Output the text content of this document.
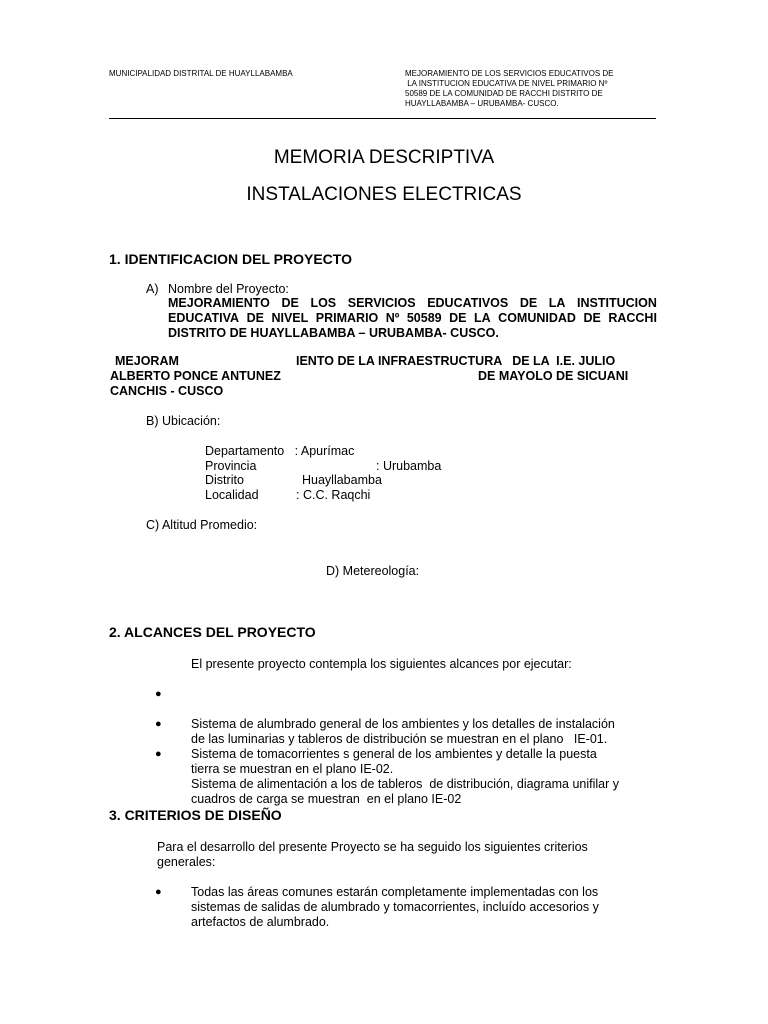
MUNICIPALIDAD DISTRITAL DE HUAYLLABAMBA	MEJORAMIENTO DE LOS SERVICIOS EDUCATIVOS DE
LA INSTITUCION EDUCATIVA DE NIVEL PRIMARIO Nº
50589 DE LA COMUNIDAD DE RACCHI DISTRITO DE
HUAYLLABAMBA – URUBAMBA- CUSCO.
MEMORIA DESCRIPTIVA
INSTALACIONES ELECTRICAS
1. IDENTIFICACION DEL PROYECTO
A) Nombre del Proyecto:
MEJORAMIENTO DE LOS SERVICIOS EDUCATIVOS DE LA INSTITUCION
EDUCATIVA DE NIVEL PRIMARIO Nº 50589 DE LA COMUNIDAD DE RACCHI
DISTRITO DE HUAYLLABAMBA – URUBAMBA- CUSCO.
MEJORAM	IENTO DE LA INFRAESTRUCTURA   DE LA  I.E. JULIO
ALBERTO PONCE ANTUNEZ	DE MAYOLO DE SICUANI
CANCHIS - CUSCO
B) Ubicación:
Departamento   : Apurímac
Provincia	: Urubamba
Distrito	Huayllabamba
Localidad	: C.C. Raqchi
C) Altitud Promedio:
D) Metereología:
2. ALCANCES DEL PROYECTO
El presente proyecto contempla los siguientes alcances por ejecutar:
●

Sistema de alumbrado general de los ambientes y los detalles de instalación
de las luminarias y tableros de distribución se muestran en el plano   IE-01.

●

Sistema de tomacorrientes s general de los ambientes y detalle la puesta
tierra se muestran en el plano IE-02.

●

Sistema de alimentación a los de tableros  de distribución, diagrama unifilar y
cuadros de carga se muestran  en el plano IE-02

3. CRITERIOS DE DISEÑO
Para el desarrollo del presente Proyecto se ha seguido los siguientes criterios
generales:
● Todas las áreas comunes estarán completamente implementadas con los
sistemas de salidas de alumbrado y tomacorrientes, incluído accesorios y
artefactos de alumbrado.
